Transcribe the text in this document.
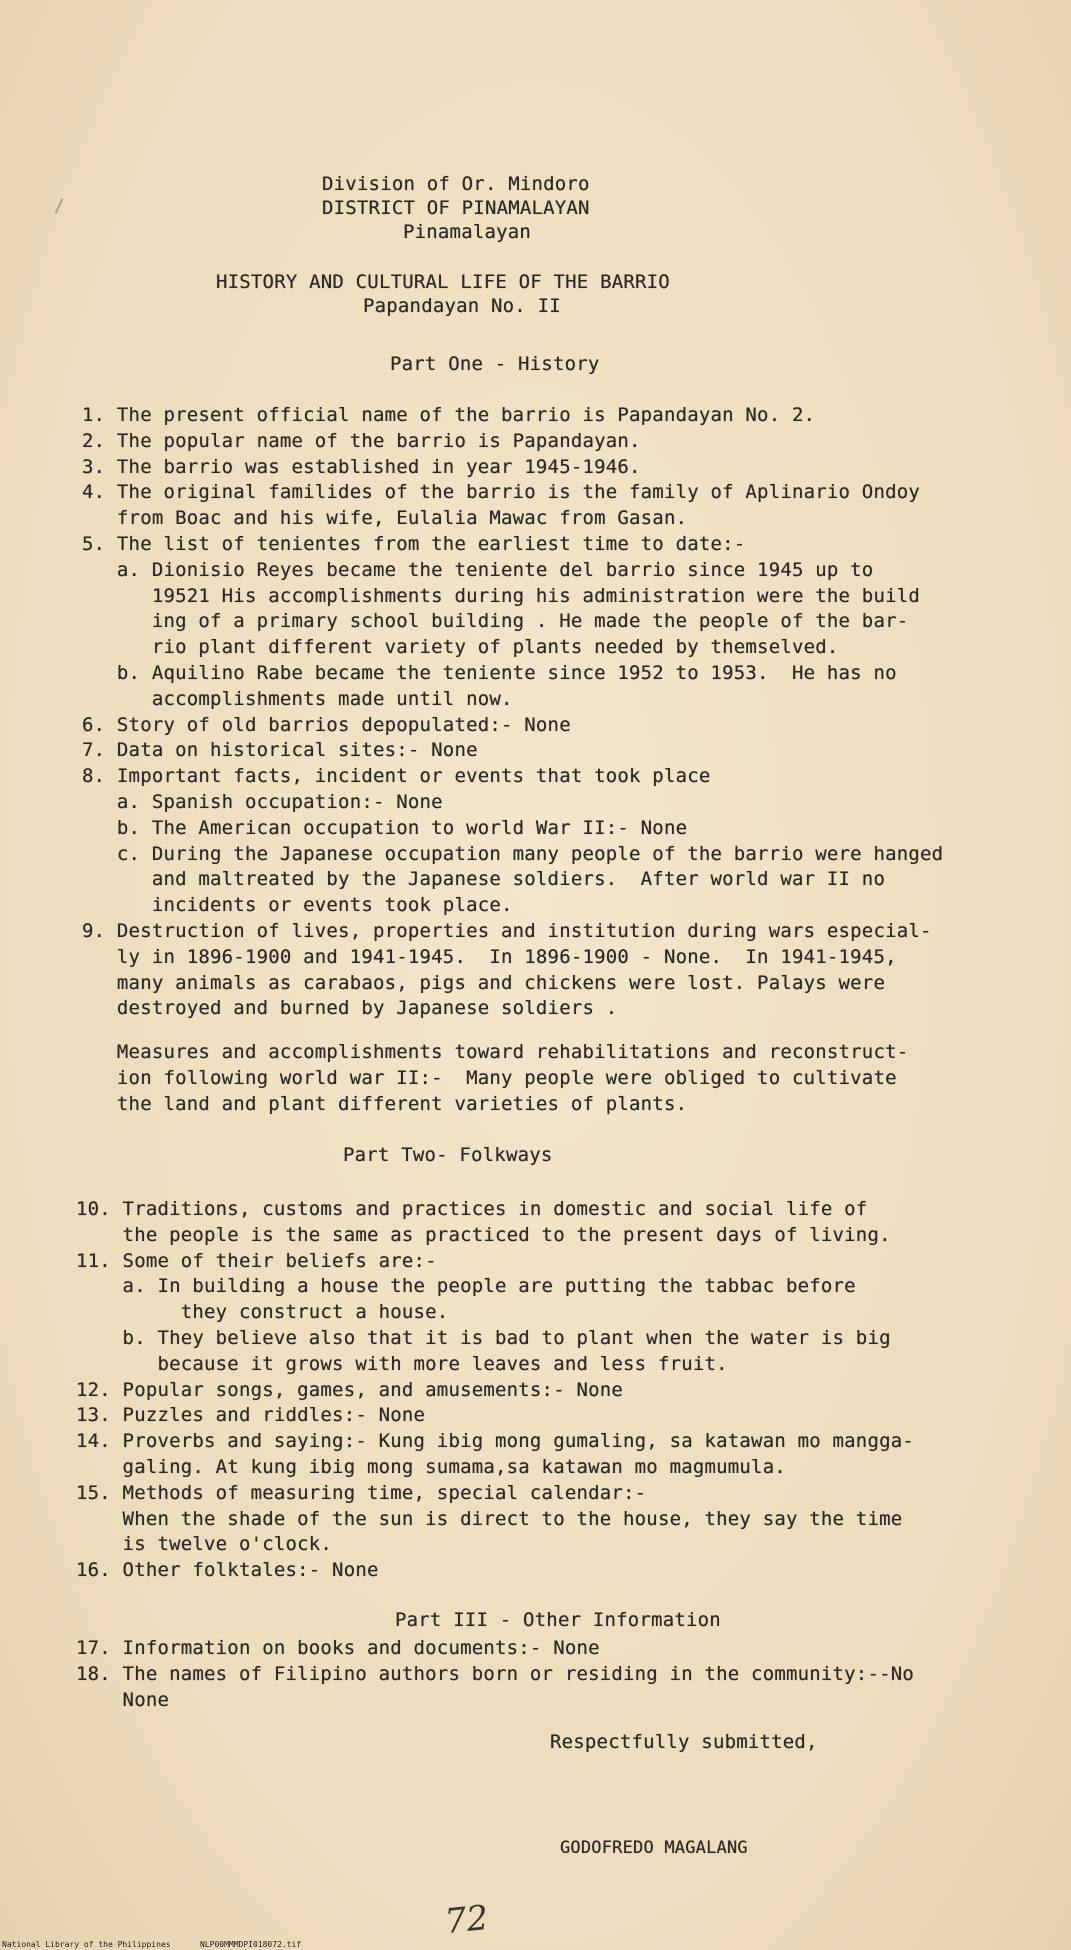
Division of Or. Mindoro
DISTRICT OF PINAMALAYAN
Pinamalayan
HISTORY AND CULTURAL LIFE OF THE BARRIO
Papandayan No. II
Part One - History
1. The present official name of the barrio is Papandayan No. 2.
2. The popular name of the barrio is Papandayan.
3. The barrio was established in year 1945-1946.
4. The original familides of the barrio is the family of Aplinario Ondoy
from Boac and his wife, Eulalia Mawac from Gasan.
5. The list of tenientes from the earliest time to date:-
a. Dionisio Reyes became the teniente del barrio since 1945 up to
19521 His accomplishments during his administration were the build
ing of a primary school building . He made the people of the bar-
rio plant different variety of plants needed by themselved.
b. Aquilino Rabe became the teniente since 1952 to 1953.  He has no
accomplishments made until now.
6. Story of old barrios depopulated:- None
7. Data on historical sites:- None
8. Important facts, incident or events that took place
a. Spanish occupation:- None
b. The American occupation to world War II:- None
c. During the Japanese occupation many people of the barrio were hanged
and maltreated by the Japanese soldiers.  After world war II no
incidents or events took place.
9. Destruction of lives, properties and institution during wars especial-
ly in 1896-1900 and 1941-1945.  In 1896-1900 - None.  In 1941-1945,
many animals as carabaos, pigs and chickens were lost. Palays were
destroyed and burned by Japanese soldiers .
Measures and accomplishments toward rehabilitations and reconstruct-
ion following world war II:-  Many people were obliged to cultivate
the land and plant different varieties of plants.
Part Two- Folkways
10. Traditions, customs and practices in domestic and social life of
the people is the same as practiced to the present days of living.
11. Some of their beliefs are:-
a. In building a house the people are putting the tabbac before
they construct a house.
b. They believe also that it is bad to plant when the water is big
because it grows with more leaves and less fruit.
12. Popular songs, games, and amusements:- None
13. Puzzles and riddles:- None
14. Proverbs and saying:- Kung ibig mong gumaling, sa katawan mo mangga-
galing. At kung ibig mong sumama,sa katawan mo magmumula.
15. Methods of measuring time, special calendar:-
When the shade of the sun is direct to the house, they say the time
is twelve o'clock.
16. Other folktales:- None
Part III - Other Information
17. Information on books and documents:- None
18. The names of Filipino authors born or residing in the community:--No
None
Respectfully submitted,
GODOFREDO MAGALANG
72
National Library of the Philippines	NLP00MMMDPI018072.tif
